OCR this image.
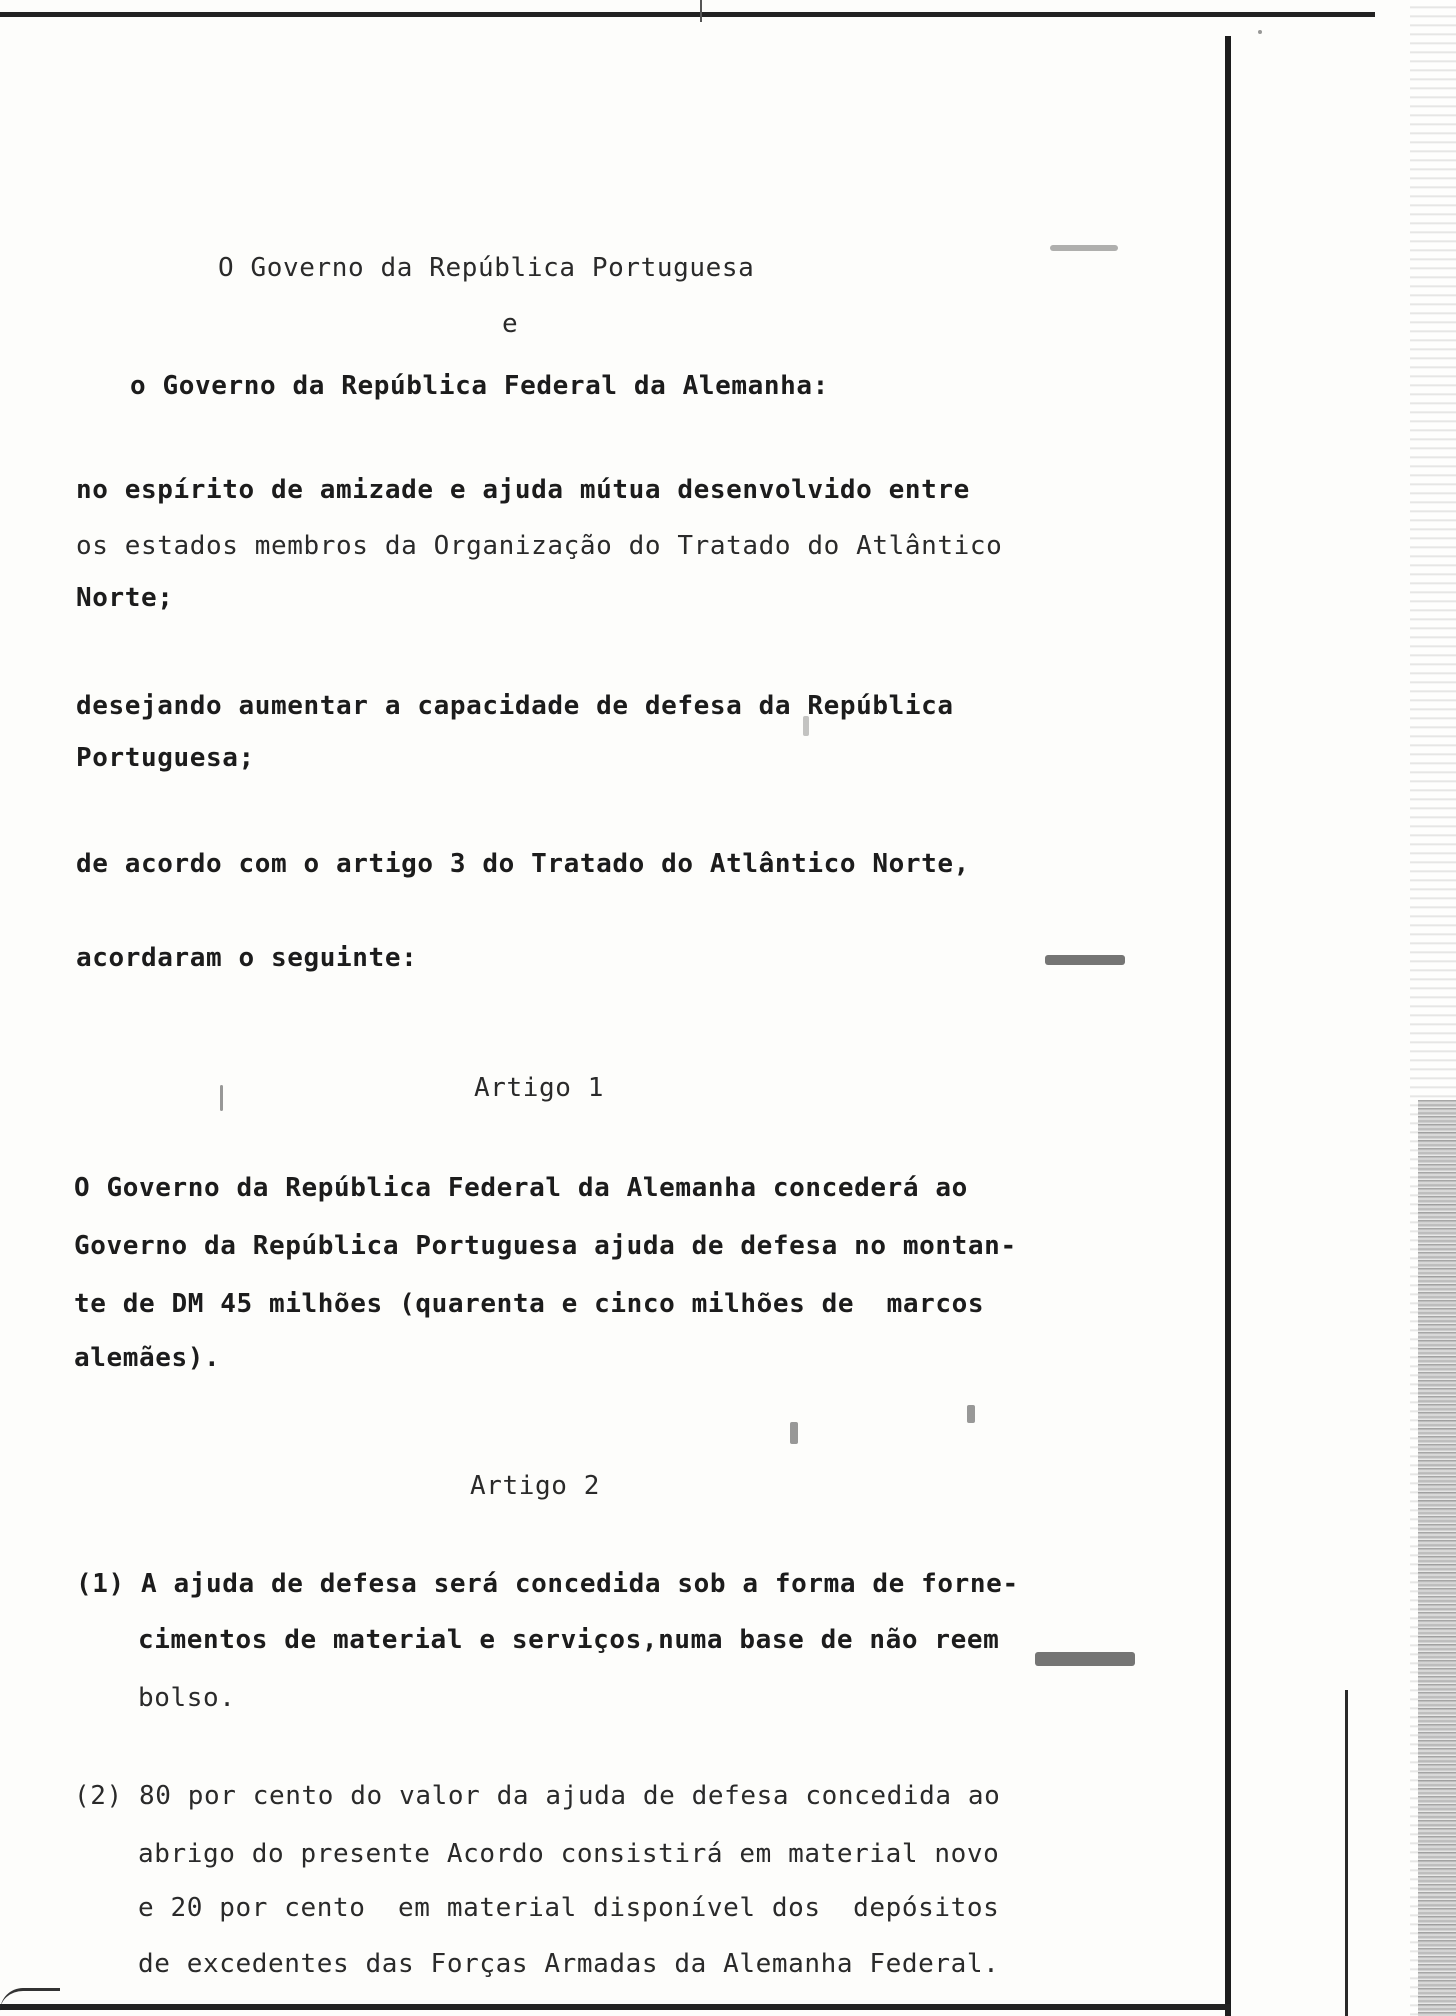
O Governo da República Portuguesa
e
o Governo da República Federal da Alemanha:
no espírito de amizade e ajuda mútua desenvolvido entre
os estados membros da Organização do Tratado do Atlântico
Norte;
desejando aumentar a capacidade de defesa da República
Portuguesa;
de acordo com o artigo 3 do Tratado do Atlântico Norte,
acordaram o seguinte:
Artigo 1
O Governo da República Federal da Alemanha concederá ao
Governo da República Portuguesa ajuda de defesa no montan-
te de DM 45 milhões (quarenta e cinco milhões de  marcos
alemães).
Artigo 2
(1) A ajuda de defesa será concedida sob a forma de forne-
cimentos de material e serviços,numa base de não reem
bolso.
(2) 80 por cento do valor da ajuda de defesa concedida ao
abrigo do presente Acordo consistirá em material novo
e 20 por cento  em material disponível dos  depósitos
de excedentes das Forças Armadas da Alemanha Federal.
